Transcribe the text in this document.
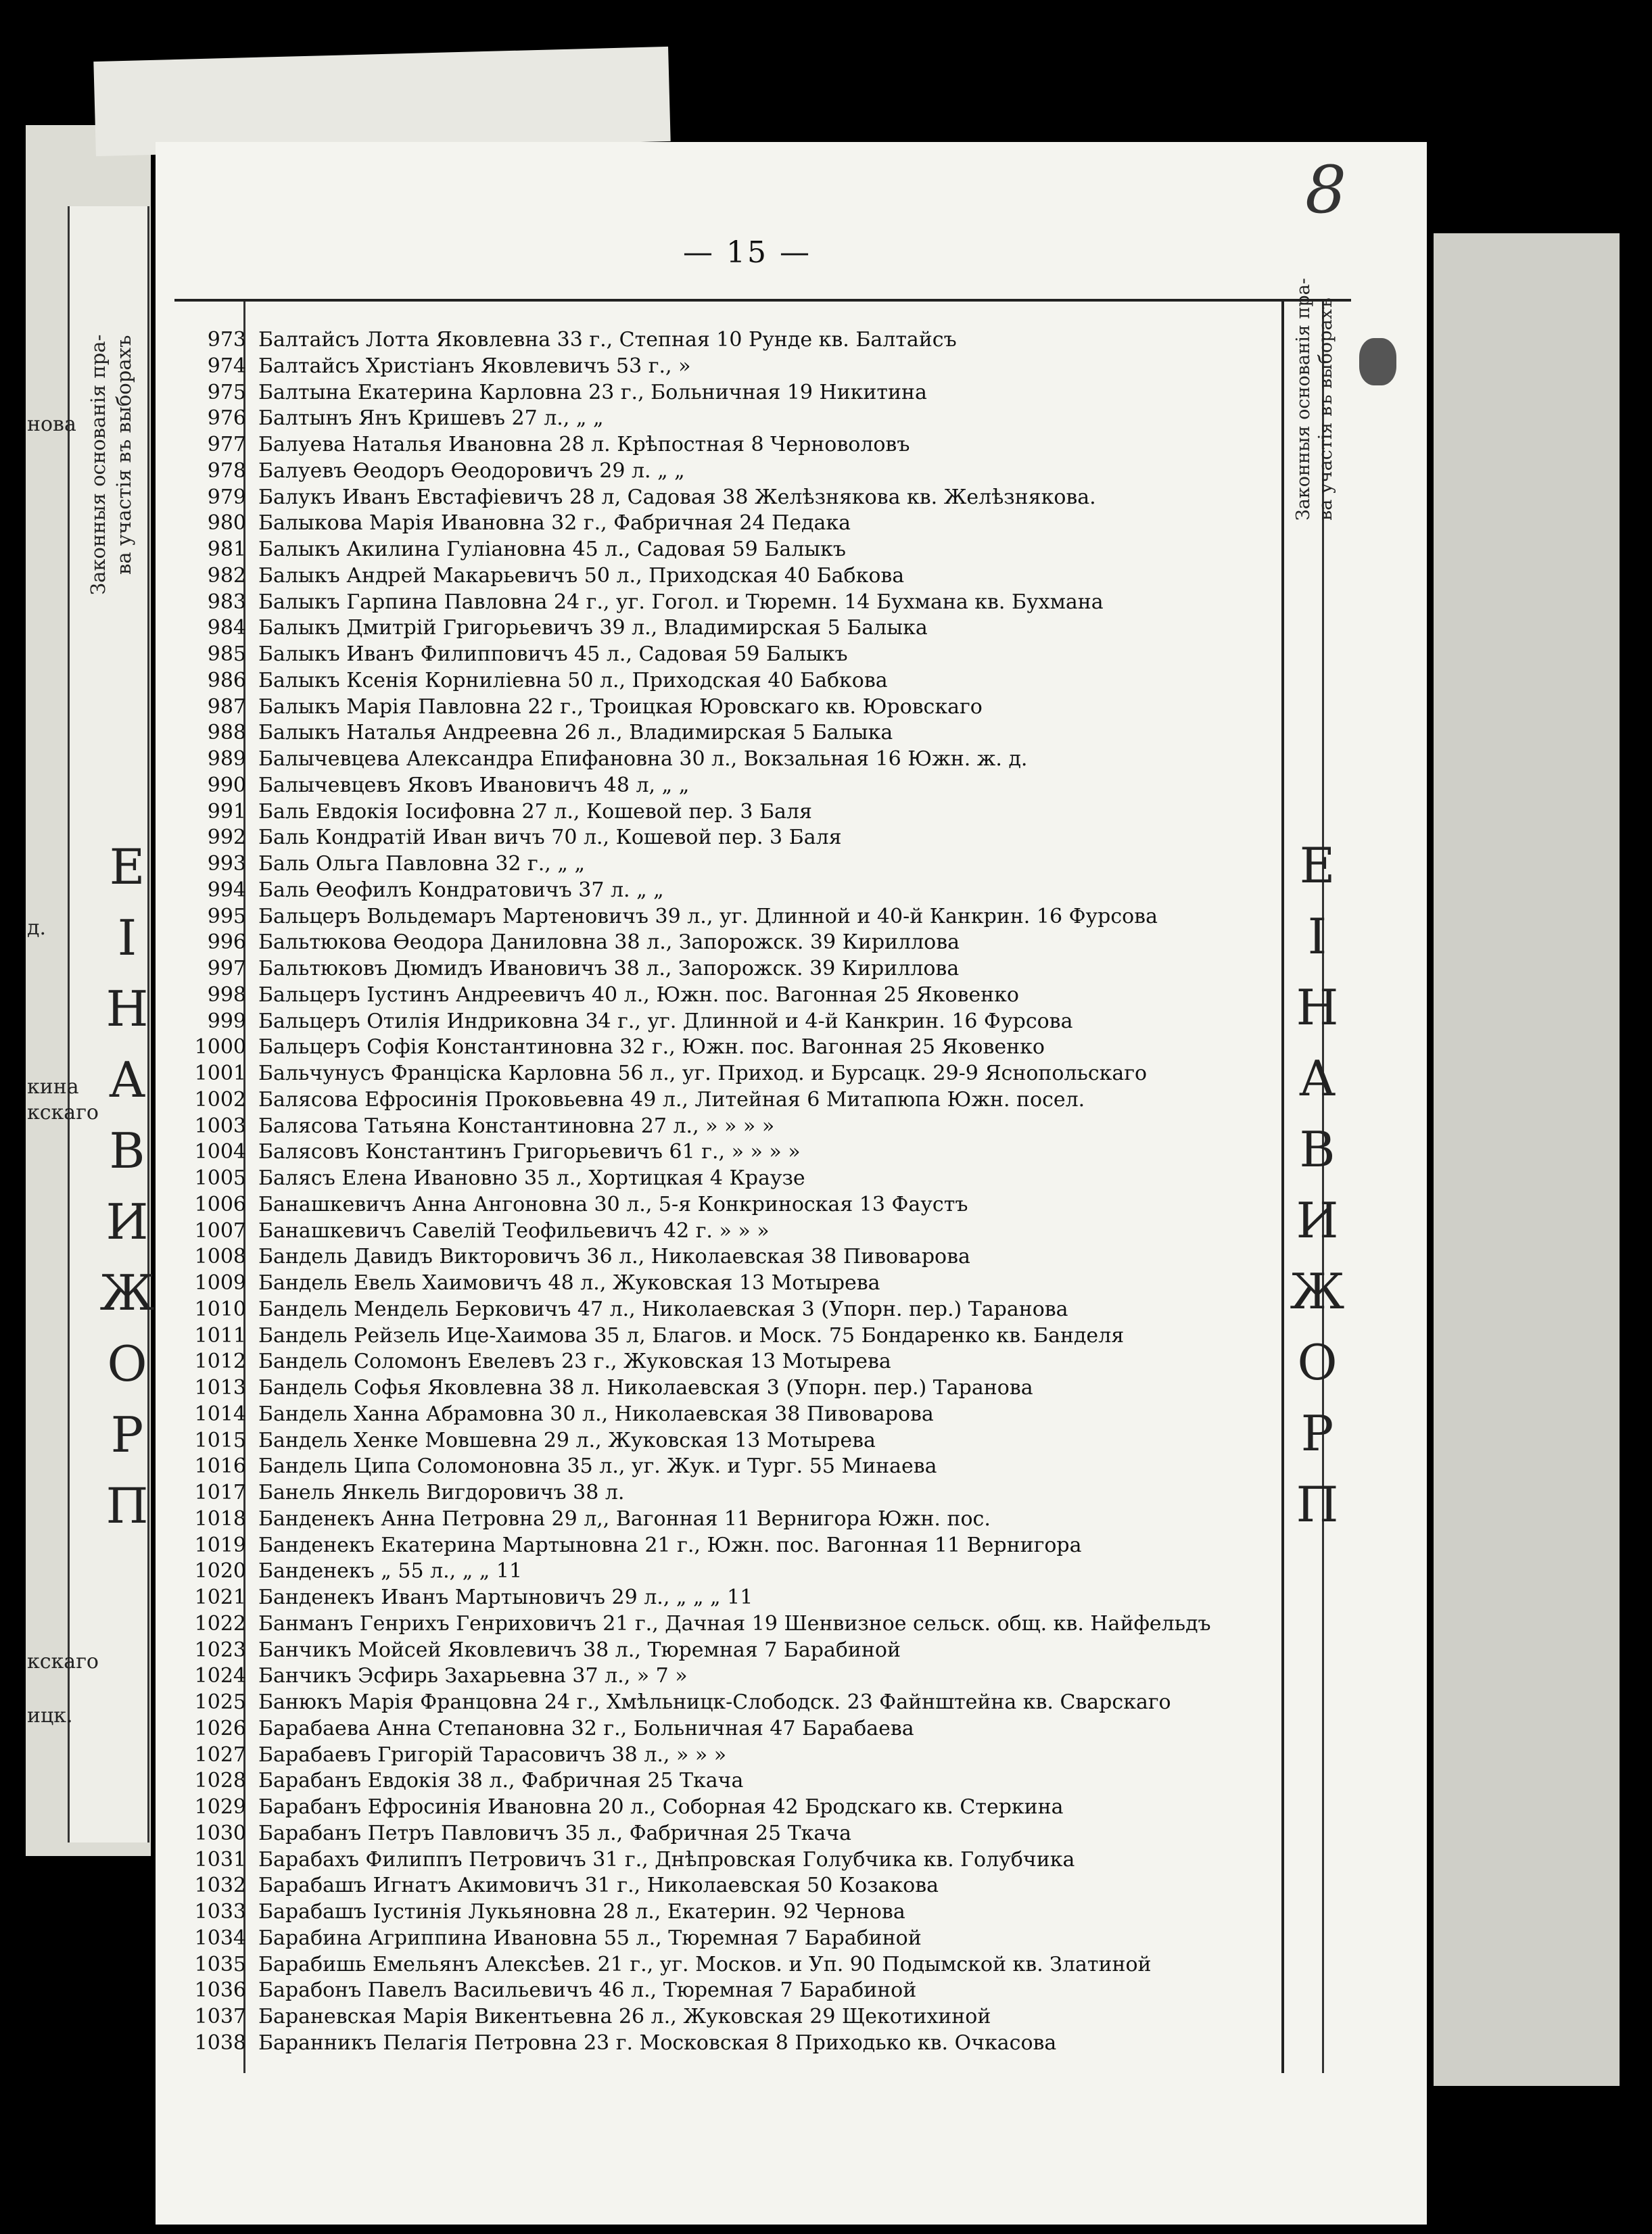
— 15 —
8
Законныя основанія пра- ва участія въ выборахъ	Законныя основанія пра- ва участія въ выборахъ
Е
І
Н
А
В
И
Ж
О
Р
П
Е
І
Н
А
В
И
Ж
О
Р
П
нова
д.
кина
кскаго
кскаго
ицк.
973 Балтайсъ Лотта Яковлевна 33 г., Степная 10 Рунде кв. Балтайсъ
974 Балтайсъ Христіанъ Яковлевичъ 53 г., »
975 Балтына Екатерина Карловна 23 г., Больничная 19 Никитина
976 Балтынъ Янъ Кришевъ 27 л., „ „
977 Балуева Наталья Ивановна 28 л. Крѣпостная 8 Черноволовъ
978 Балуевъ Өеодоръ Өеодоровичъ 29 л. „ „
979 Балукъ Иванъ Евстафіевичъ 28 л, Садовая 38 Желѣзнякова кв. Желѣзнякова.
980 Балыкова Марія Ивановна 32 г., Фабричная 24 Педака
981 Балыкъ Акилина Гуліановна 45 л., Садовая 59 Балыкъ
982 Балыкъ Андрей Макарьевичъ 50 л., Приходская 40 Бабкова
983 Балыкъ Гарпина Павловна 24 г., уг. Гогол. и Тюремн. 14 Бухмана кв. Бухмана
984 Балыкъ Дмитрій Григорьевичъ 39 л., Владимирская 5 Балыка
985 Балыкъ Иванъ Филипповичъ 45 л., Садовая 59 Балыкъ
986 Балыкъ Ксенія Корниліевна 50 л., Приходская 40 Бабкова
987 Балыкъ Марія Павловна 22 г., Троицкая Юровскаго кв. Юровскаго
988 Балыкъ Наталья Андреевна 26 л., Владимирская 5 Балыка
989 Балычевцева Александра Епифановна 30 л., Вокзальная 16 Южн. ж. д.
990 Балычевцевъ Яковъ Ивановичъ 48 л, „ „
991 Баль Евдокія Іосифовна 27 л., Кошевой пер. 3 Баля
992 Баль Кондратій Иван вичъ 70 л., Кошевой пер. 3 Баля
993 Баль Ольга Павловна 32 г., „ „
994 Баль Өеофилъ Кондратовичъ 37 л. „ „
995 Бальцеръ Вольдемаръ Мартеновичъ 39 л., уг. Длинной и 40-й Канкрин. 16 Фурсова
996 Бальтюкова Өеодора Даниловна 38 л., Запорожск. 39 Кириллова
997 Бальтюковъ Дюмидъ Ивановичъ 38 л., Запорожск. 39 Кириллова
998 Бальцеръ Іустинъ Андреевичъ 40 л., Южн. пос. Вагонная 25 Яковенко
999 Бальцеръ Отилія Индриковна 34 г., уг. Длинной и 4-й Канкрин. 16 Фурсова
1000 Бальцеръ Софія Константиновна 32 г., Южн. пос. Вагонная 25 Яковенко
1001 Бальчунусъ Францiска Карловна 56 л., уг. Приход. и Бурсацк. 29-9 Яснопольскаго
1002 Балясова Ефросинія Проковьевна 49 л., Литейная 6 Митапюпа Южн. посел.
1003 Балясова Татьяна Константиновна 27 л., » » » »
1004 Балясовъ Константинъ Григорьевичъ 61 г., » » » »
1005 Балясъ Елена Ивановно 35 л., Хортицкая 4 Краузе
1006 Банашкевичъ Анна Ангоновна 30 л., 5-я Конкриноская 13 Фаустъ
1007 Банашкевичъ Савелій Теофильевичъ 42 г. » » »
1008 Бандель Давидъ Викторовичъ 36 л., Николаевская 38 Пивоварова
1009 Бандель Евель Хаимовичъ 48 л., Жуковская 13 Мотырева
1010 Бандель Мендель Берковичъ 47 л., Николаевская 3 (Упорн. пер.) Таранова
1011 Бандель Рейзель Ице-Хаимова 35 л, Благов. и Моск. 75 Бондаренко кв. Банделя
1012 Бандель Соломонъ Евелевъ 23 г., Жуковская 13 Мотырева
1013 Бандель Софья Яковлевна 38 л. Николаевская 3 (Упорн. пер.) Таранова
1014 Бандель Ханна Абрамовна 30 л., Николаевская 38 Пивоварова
1015 Бандель Хенке Мовшевна 29 л., Жуковская 13 Мотырева
1016 Бандель Ципа Соломоновна 35 л., уг. Жук. и Тург. 55 Минаева
1017 Банель Янкель Вигдоровичъ 38 л.
1018 Банденекъ Анна Петровна 29 л,, Вагонная 11 Вернигора Южн. пос.
1019 Банденекъ Екатерина Мартыновна 21 г., Южн. пос. Вагонная 11 Вернигора
1020 Банденекъ „ 55 л., „ „ 11
1021 Банденекъ Иванъ Мартыновичъ 29 л., „ „ „ 11
1022 Банманъ Генрихъ Генриховичъ 21 г., Дачная 19 Шенвизное сельск. общ. кв. Найфельдъ
1023 Банчикъ Мойсей Яковлевичъ 38 л., Тюремная 7 Барабиной
1024 Банчикъ Эсфирь Захарьевна 37 л., » 7 »
1025 Банюкъ Марія Францовна 24 г., Хмѣльницк-Слободск. 23 Файнштейна кв. Сварскаго
1026 Барабаева Анна Степановна 32 г., Больничная 47 Барабаева
1027 Барабаевъ Григорій Тарасовичъ 38 л., » » »
1028 Барабанъ Евдокія 38 л., Фабричная 25 Ткача
1029 Барабанъ Ефросинія Ивановна 20 л., Соборная 42 Бродскаго кв. Стеркина
1030 Барабанъ Петръ Павловичъ 35 л., Фабричная 25 Ткача
1031 Барабахъ Филиппъ Петровичъ 31 г., Днѣпровская Голубчика кв. Голубчика
1032 Барабашъ Игнатъ Акимовичъ 31 г., Николаевская 50 Козакова
1033 Барабашъ Іустинія Лукьяновна 28 л., Екатерин. 92 Чернова
1034 Барабина Агриппина Ивановна 55 л., Тюремная 7 Барабиной
1035 Барабишь Емельянъ Алексѣев. 21 г., уг. Москов. и Уп. 90 Подымской кв. Златиной
1036 Барабонъ Павелъ Васильевичъ 46 л., Тюремная 7 Барабиной
1037 Бараневская Марія Викентьевна 26 л., Жуковская 29 Щекотихиной
1038 Баранникъ Пелагія Петровна 23 г. Московская 8 Приходько кв. Очкасова
